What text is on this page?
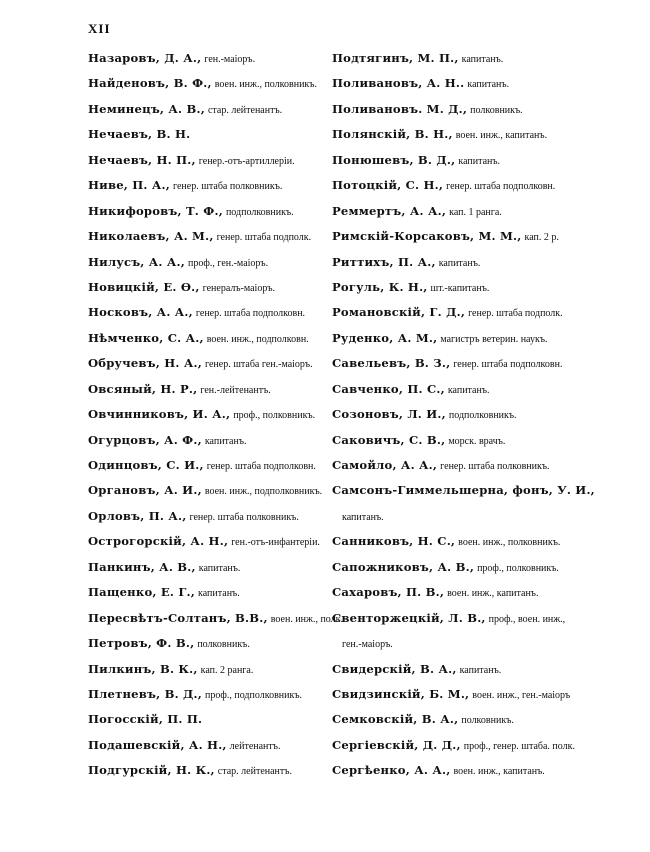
XII
Назаровъ, Д. А., ген.-маiоръ.
Найденовъ, В. Ф., воен. инж., полковникъ.
Неминецъ, А. В., стар. лейтенантъ.
Нечаевъ, В. Н.
Нечаевъ, Н. П., генер.-отъ-артиллерiи.
Ниве, П. А., генер. штаба полковникъ.
Никифоровъ, Т. Ф., подполковникъ.
Николаевъ, А. М., генер. штаба подполк.
Нилусъ, А. А., проф., ген.-маiоръ.
Новицкiй, Е. Ѳ., генералъ-маiоръ.
Носковъ, А. А., генер. штаба подполковн.
Нѣмченко, С. А., воен. инж., подполковн.
Обручевъ, Н. А., генер. штаба ген.-маiоръ.
Овсяный, Н. Р., ген.-лейтенантъ.
Овчинниковъ, И. А., проф., полковникъ.
Огурцовъ, А. Ф., капитанъ.
Одинцовъ, С. И., генер. штаба подполковн.
Органовъ, А. И., воен. инж., подполковникъ.
Орловъ, П. А., генер. штаба полковникъ.
Острогорскiй, А. Н., ген.-отъ-инфантерiи.
Панкинъ, А. В., капитанъ.
Пащенко, Е. Г., капитанъ.
Пересвѣтъ-Солтанъ, В.В., воен. инж., полк.
Петровъ, Ф. В., полковникъ.
Пилкинъ, В. К., кап. 2 ранга.
Плетневъ, В. Д., проф., подполковникъ.
Погосскiй, П. П.
Подашевскiй, А. Н., лейтенантъ.
Подгурскiй, Н. К., стар. лейтенантъ.
Подтягинъ, М. П., капитанъ.
Поливановъ, А. Н.. капитанъ.
Поливановъ. М. Д., полковникъ.
Полянскiй, В. Н., воен. инж., капитанъ.
Понюшевъ, В. Д., капитанъ.
Потоцкiй, С. Н., генер. штаба подполковн.
Реммертъ, А. А., кап. 1 ранга.
Римскiй-Корсаковъ, М. М., кап. 2 р.
Риттихъ, П. А., капитанъ.
Рогуль, К. Н., шт.-капитанъ.
Романовскiй, Г. Д., генер. штаба подполк.
Руденко, А. М., магистръ ветерин. наукъ.
Савельевъ, В. З., генер. штаба подполковн.
Савченко, П. С., капитанъ.
Созоновъ, Л. И., подполковникъ.
Саковичъ, С. В., морск. врачъ.
Самойло, А. А., генер. штаба полковникъ.
Самсонъ-Гиммельшерна, фонъ, У. И.,
капитанъ.
Санниковъ, Н. С., воен. инж., полковникъ.
Сапожниковъ, А. В., проф., полковникъ.
Сахаровъ, П. В., воен. инж., капитанъ.
Свенторжецкiй, Л. В., проф., воен. инж.,
ген.-маiоръ.
Свидерскiй, В. А., капитанъ.
Свидзинскiй, Б. М., воен. инж., ген.-маiоръ
Семковскiй, В. А., полковникъ.
Сергiевскiй, Д. Д., проф., генер. штаба. полк.
Сергѣенко, А. А., воен. инж., капитанъ.
